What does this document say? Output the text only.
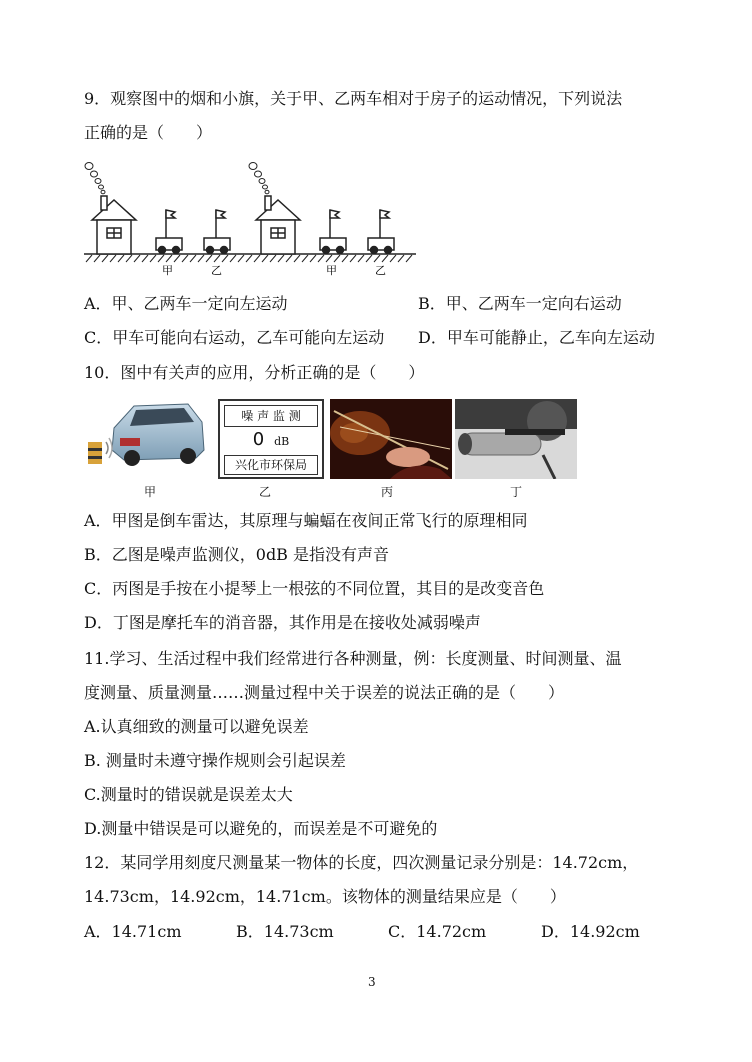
9．观察图中的烟和小旗，关于甲、乙两车相对于房子的运动情况，下列说法
正确的是（　　）
甲	乙	甲	乙
A．甲、乙两车一定向左运动	B．甲、乙两车一定向右运动
C．甲车可能向右运动，乙车可能向左运动 D．甲车可能静止，乙车向左运动
10．图中有关声的应用，分析正确的是（　　）
甲
噪 声 监 测
0 dB
兴化市环保局
乙	丙	丁
A．甲图是倒车雷达，其原理与蝙蝠在夜间正常飞行的原理相同
B．乙图是噪声监测仪，0dB 是指没有声音
C．丙图是手按在小提琴上一根弦的不同位置，其目的是改变音色
D．丁图是摩托车的消音器，其作用是在接收处减弱噪声
11.学习、生活过程中我们经常进行各种测量，例：长度测量、时间测量、温
度测量、质量测量……测量过程中关于误差的说法正确的是（　　）
A.认真细致的测量可以避免误差
B. 测量时未遵守操作规则会引起误差
C.测量时的错误就是误差太大
D.测量中错误是可以避免的，而误差是不可避免的
12．某同学用刻度尺测量某一物体的长度，四次测量记录分别是：14.72cm，
14.73cm，14.92cm，14.71cm。该物体的测量结果应是（　　）
A．14.71cm	B．14.73cm	C．14.72cm	D．14.92cm
3
